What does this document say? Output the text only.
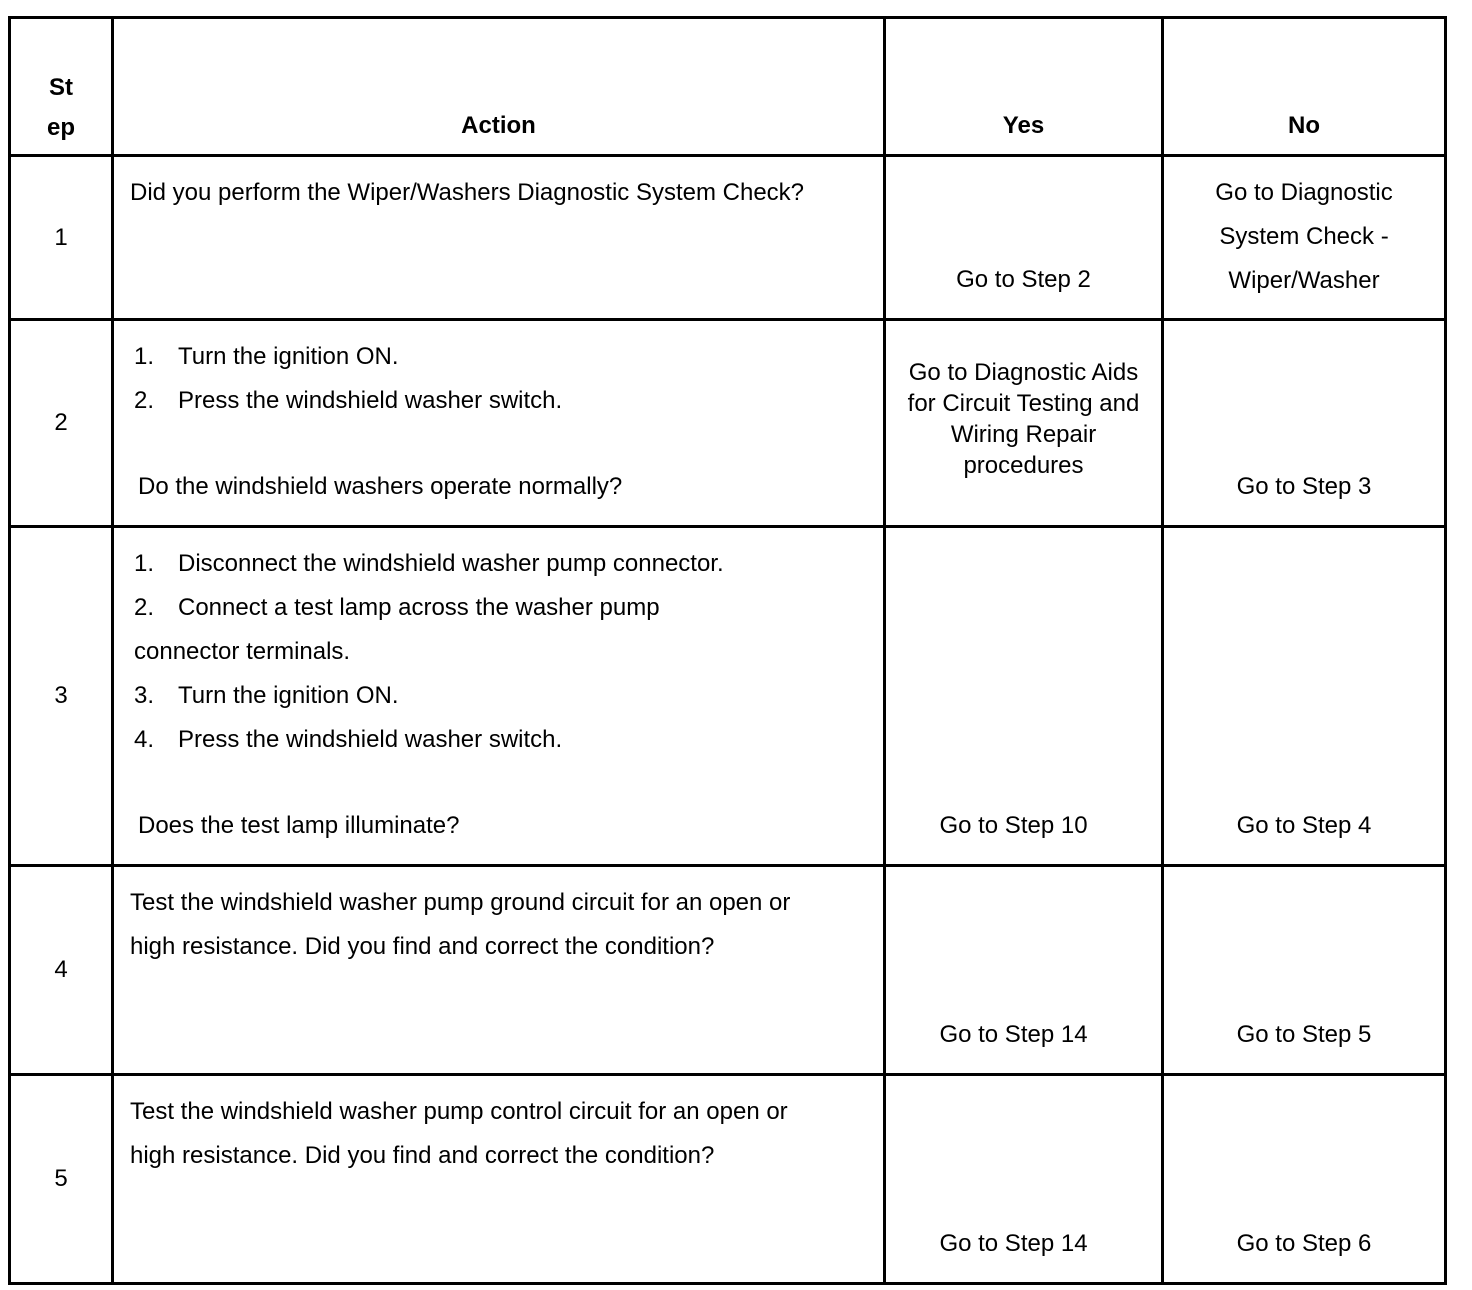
St
ep	Action	Yes	No
1	Did you perform the Wiper/Washers Diagnostic System Check?	Go to Step 2	Go to Diagnostic System Check - Wiper/Washer

2	1. Turn the ignition ON.
2. Press the windshield washer switch.
Do the windshield washers operate normally?	Go to Diagnostic Aids for Circuit Testing and Wiring Repair procedures	Go to Step 3
3	1. Disconnect the windshield washer pump connector.
2. Connect a test lamp across the washer pump connector terminals.
3. Turn the ignition ON.
4. Press the windshield washer switch.
Does the test lamp illuminate?	Go to Step 10	Go to Step 4
4	Test the windshield washer pump ground circuit for an open or high resistance. Did you find and correct the condition?	Go to Step 14	Go to Step 5
5	Test the windshield washer pump control circuit for an open or high resistance. Did you find and correct the condition?	Go to Step 14	Go to Step 6
